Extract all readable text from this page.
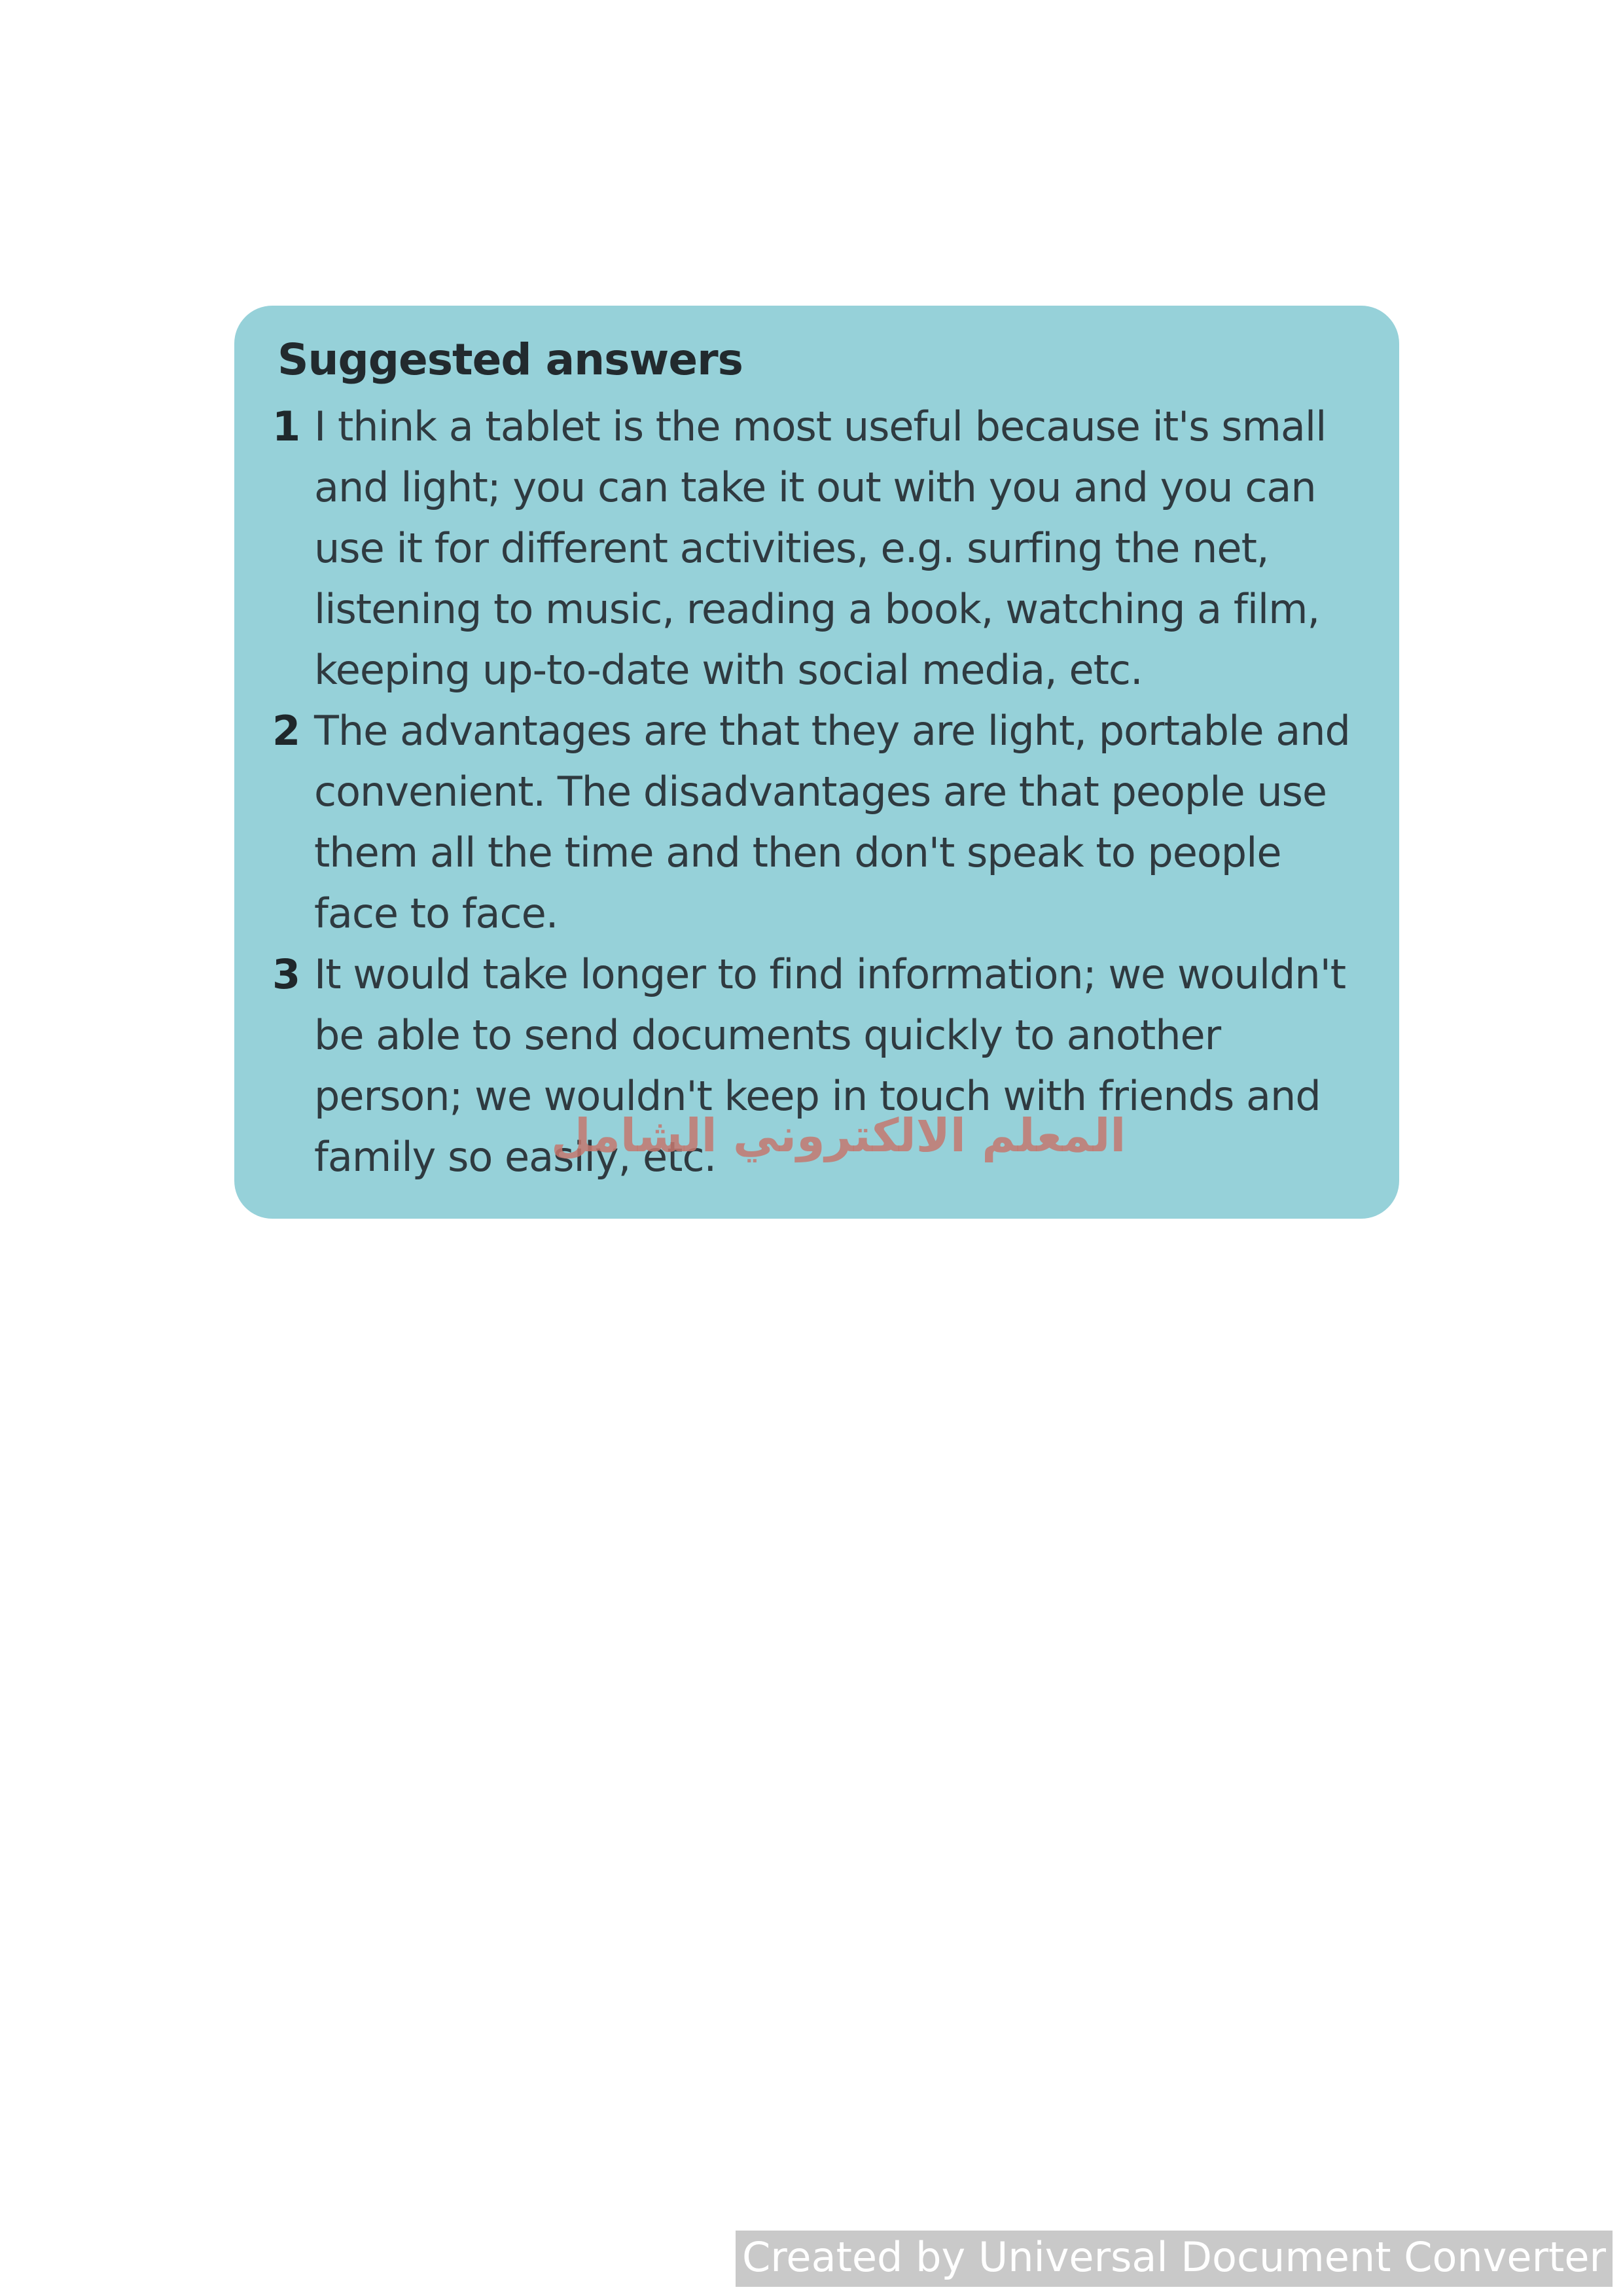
Suggested answers
1 I think a tablet is the most useful because it's small and light; you can take it out with you and you can use it for different activities, e.g. surfing the net, listening to music, reading a book, watching a film, keeping up-to-date with social media, etc.
2 The advantages are that they are light, portable and convenient. The disadvantages are that people use them all the time and then don't speak to people face to face.
3 It would take longer to find information; we wouldn't be able to send documents quickly to another person; we wouldn't keep in touch with friends and family so easily, etc.
المعلم الالكتروني الشامل
Created by Universal Document Converter
